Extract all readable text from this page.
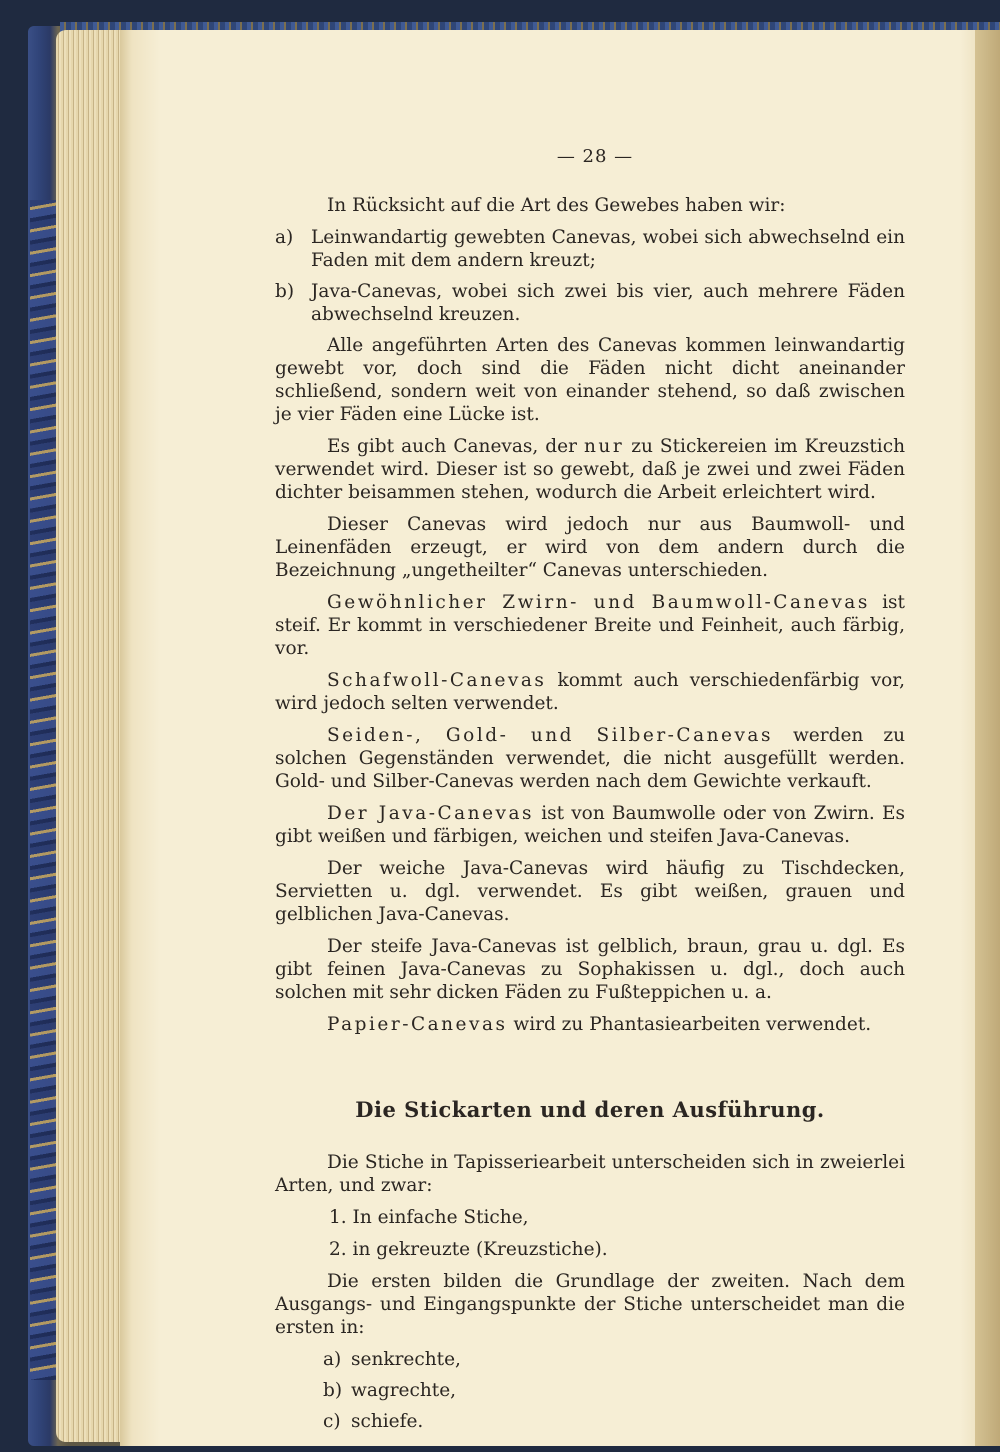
— 28 —

In Rücksicht auf die Art des Gewebes haben wir:

a) Leinwandartig gewebten Canevas, wobei sich abwechselnd ein Faden mit dem andern kreuzt;
b) Java-Canevas, wobei sich zwei bis vier, auch mehrere Fäden abwechselnd kreuzen.

Alle angeführten Arten des Canevas kommen leinwandartig gewebt vor, doch sind die Fäden nicht dicht aneinander schließend, sondern weit von einander stehend, so daß zwischen je vier Fäden eine Lücke ist.

Es gibt auch Canevas, der nur zu Stickereien im Kreuzstich verwendet wird. Dieser ist so gewebt, daß je zwei und zwei Fäden dichter beisammen stehen, wodurch die Arbeit erleichtert wird.

Dieser Canevas wird jedoch nur aus Baumwoll- und Leinenfäden erzeugt, er wird von dem andern durch die Bezeichnung „ungetheilter“ Canevas unterschieden.

Gewöhnlicher Zwirn- und Baumwoll-Canevas ist steif. Er kommt in verschiedener Breite und Feinheit, auch färbig, vor.

Schafwoll-Canevas kommt auch verschiedenfärbig vor, wird jedoch selten verwendet.

Seiden-, Gold- und Silber-Canevas werden zu solchen Gegenständen verwendet, die nicht ausgefüllt werden. Gold- und Silber-Canevas werden nach dem Gewichte verkauft.

Der Java-Canevas ist von Baumwolle oder von Zwirn. Es gibt weißen und färbigen, weichen und steifen Java-Canevas.

Der weiche Java-Canevas wird häufig zu Tischdecken, Servietten u. dgl. verwendet. Es gibt weißen, grauen und gelblichen Java-Canevas.

Der steife Java-Canevas ist gelblich, braun, grau u. dgl. Es gibt feinen Java-Canevas zu Sophakissen u. dgl., doch auch solchen mit sehr dicken Fäden zu Fußteppichen u. a.

Papier-Canevas wird zu Phantasiearbeiten verwendet.

Die Stickarten und deren Ausführung.

Die Stiche in Tapisseriearbeit unterscheiden sich in zweierlei Arten, und zwar:

1. In einfache Stiche,

2. in gekreuzte (Kreuzstiche).

Die ersten bilden die Grundlage der zweiten. Nach dem Ausgangs- und Eingangspunkte der Stiche unterscheidet man die ersten in:

a) senkrechte,
b) wagrechte,
c) schiefe.
